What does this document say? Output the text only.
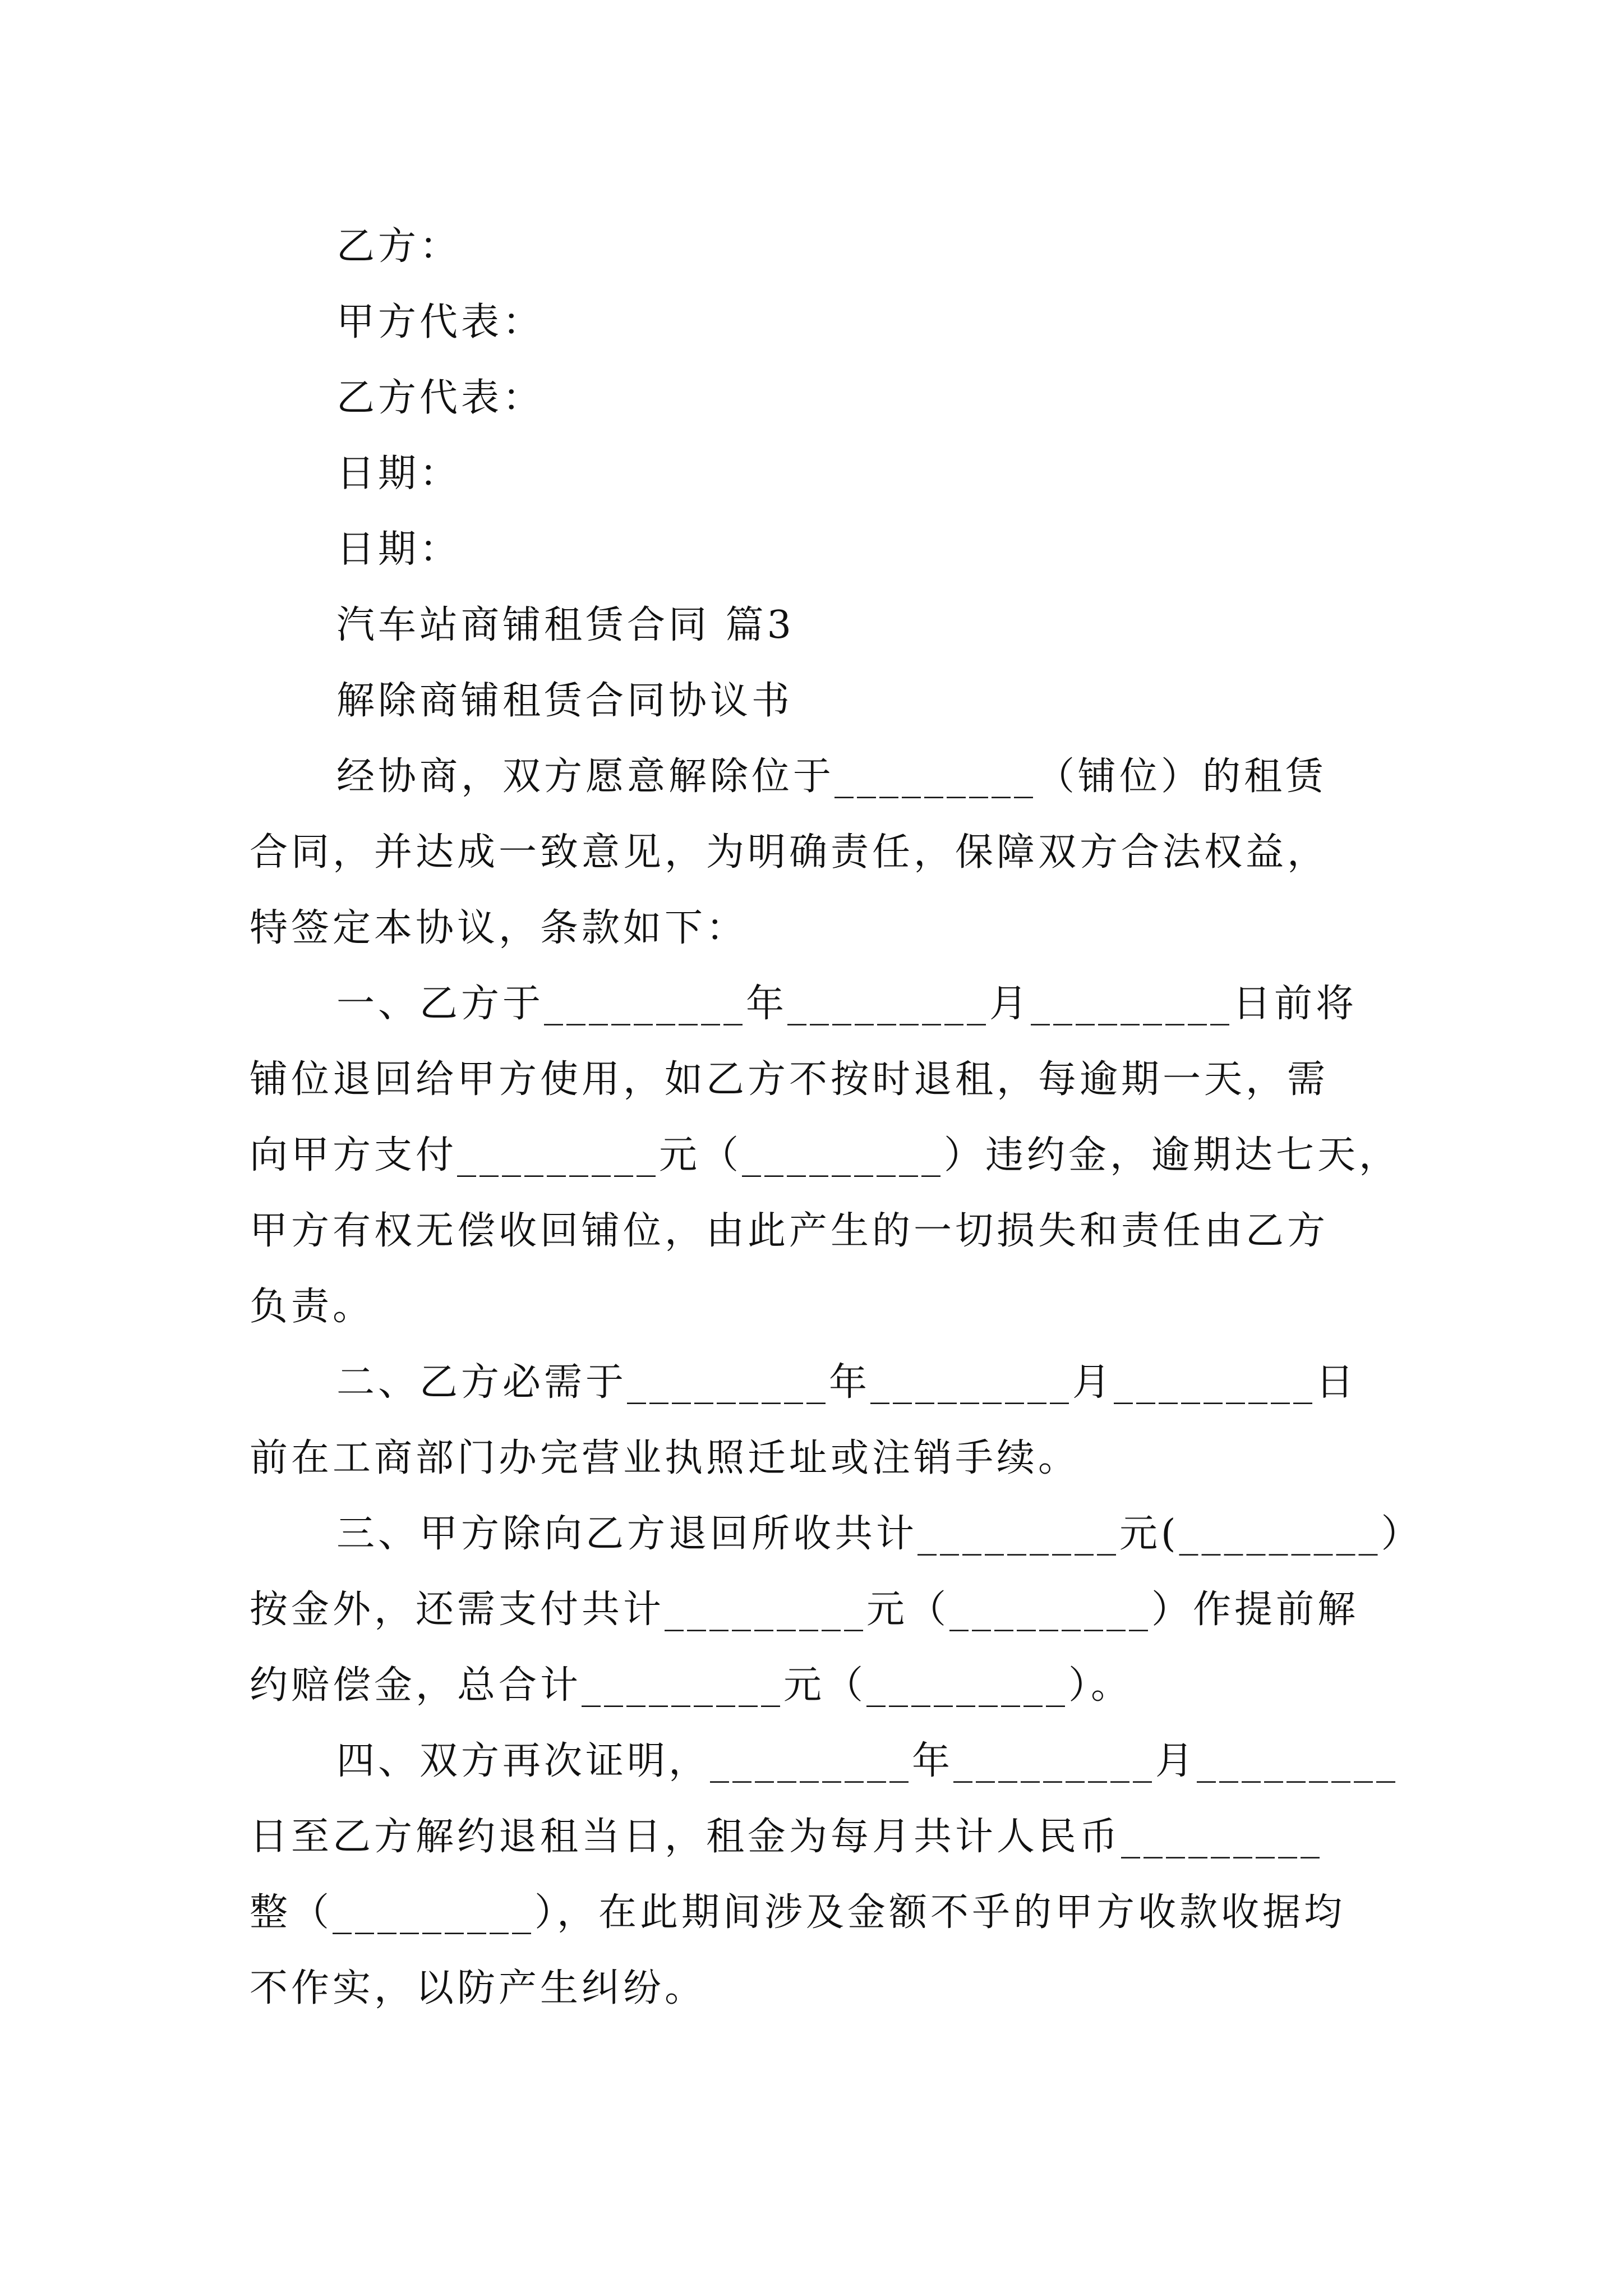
乙方：
甲方代表：
乙方代表：
日期：
日期：
汽车站商铺租赁合同 篇3
解除商铺租赁合同协议书
经协商，双方愿意解除位于_________（铺位）的租赁
合同，并达成一致意见，为明确责任，保障双方合法权益，
特签定本协议，条款如下：
一、乙方于_________年_________月_________日前将
铺位退回给甲方使用，如乙方不按时退租，每逾期一天，需
向甲方支付_________元（_________）违约金，逾期达七天，
甲方有权无偿收回铺位，由此产生的一切损失和责任由乙方
负责。
二、乙方必需于_________年_________月_________日
前在工商部门办完营业执照迁址或注销手续。
三、甲方除向乙方退回所收共计_________元(_________）
按金外，还需支付共计_________元（_________）作提前解
约赔偿金，总合计_________元（_________）。
四、双方再次证明，_________年_________月_________
日至乙方解约退租当日，租金为每月共计人民币_________
整（_________），在此期间涉及金额不乎的甲方收款收据均
不作实，以防产生纠纷。
